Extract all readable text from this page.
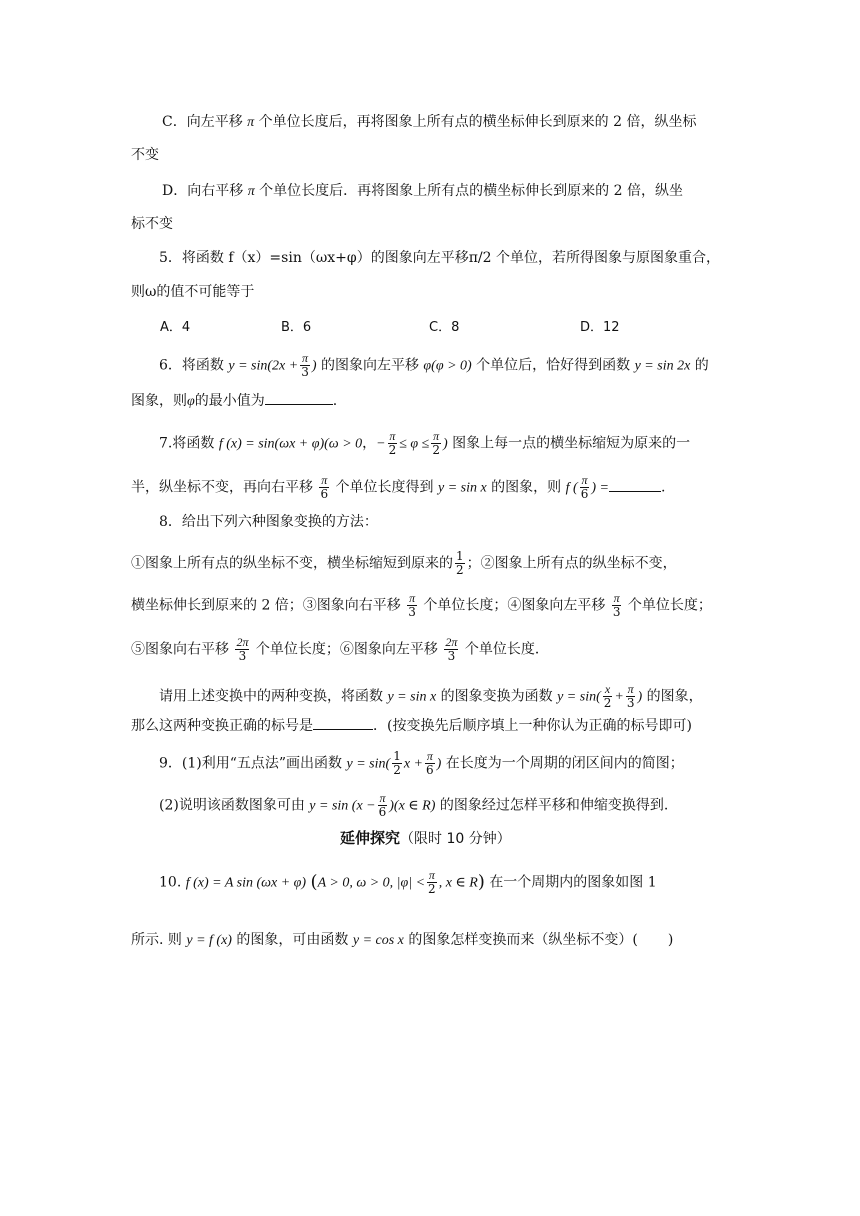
C．向左平移 π 个单位长度后，再将图象上所有点的横坐标伸长到原来的 2 倍，纵坐标
不变
D．向右平移 π 个单位长度后．再将图象上所有点的横坐标伸长到原来的 2 倍，纵坐
标不变
5．将函数 f（x）=sin（ωx+φ）的图象向左平移π/2 个单位，若所得图象与原图象重合，
则ω的值不可能等于
A．4	B．6	C．8	D．12
6．将函数 $y = \sin(2x + \frac{\pi}{3}$ ) 的图象向左平移 φ(φ > 0) 个单位后，恰好得到函数 y = sin 2x 的
图象，则φ的最小值为	.
7.将函数 f (x) = sin(ωx + φ)(ω > 0，− $\frac{\pi}{2} \le \varphi \le \frac{\pi}{2}$ ) 图象上每一点的横坐标缩短为原来的一
半，纵坐标不变，再向右平移 $\frac{\pi}{6}$ 个单位长度得到 y = sin x 的图象，则 f ( $\frac{\pi}{6}$ ) =	.
8．给出下列六种图象变换的方法：
①图象上所有点的纵坐标不变，横坐标缩短到原来的 $\frac{1}{2}$ ；②图象上所有点的纵坐标不变，
横坐标伸长到原来的 2 倍；③图象向右平移 $\frac{\pi}{3}$ 个单位长度；④图象向左平移 $\frac{\pi}{3}$ 个单位长度；
⑤图象向右平移 $\frac{2\pi}{3}$ 个单位长度；⑥图象向左平移 $\frac{2\pi}{3}$ 个单位长度．
请用上述变换中的两种变换，将函数 y = sin x 的图象变换为函数 $y = \sin( \frac{x}{2} + \frac{\pi}{3}$ ) 的图象，
那么这两种变换正确的标号是	．(按变换先后顺序填上一种你认为正确的标号即可)
9．(1)利用“五点法”画出函数 $y = \sin( \frac{1}{2}$ $x + \frac{\pi}{6}$ ) 在长度为一个周期的闭区间内的简图；
(2)说明该函数图象可由 $y = \sin (x - \frac{\pi}{6} )(x$ ∈ R) 的图象经过怎样平移和伸缩变换得到.
延伸探究（限时 10 分钟）
10. f (x) = A sin (ωx + φ) (A > 0, ω > 0, $|\varphi| < \frac{\pi}{2}$ , x ∈ R) 在一个周期内的图象如图 1
所示. 则 y = f (x) 的图象，可由函数 y = cos x 的图象怎样变换而来（纵坐标不变）( )
